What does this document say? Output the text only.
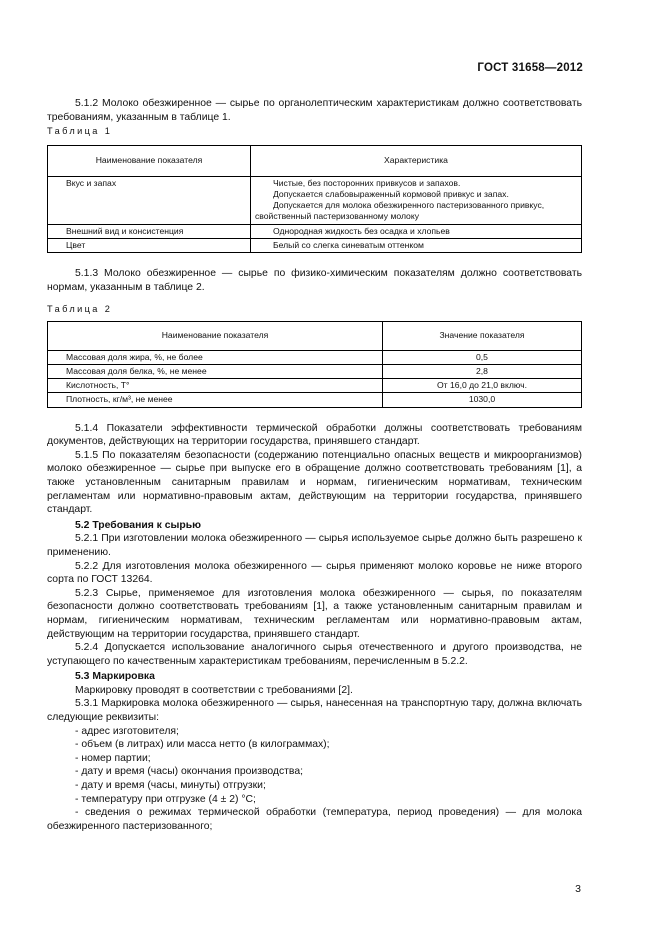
ГОСТ 31658—2012

5.1.2 Молоко обезжиренное — сырье по органолептическим характеристикам должно соответствовать требованиям, указанным в таблице 1.

Таблица 1

Наименование показателя	Характеристика
Вкус и запах	Чистые, без посторонних привкусов и запахов.
Допускается слабовыраженный кормовой привкус и запах.
Допускается для молока обезжиренного пастеризованного привкус, свойственный пастеризованному молоку

Внешний вид и консистенция	Однородная жидкость без осадка и хлопьев
Цвет	Белый со слегка синеватым оттенком

5.1.3 Молоко обезжиренное — сырье по физико-химическим показателям должно соответствовать нормам, указанным в таблице 2.

Таблица 2

Наименование показателя	Значение показателя
Массовая доля жира, %, не более	0,5
Массовая доля белка, %, не менее	2,8
Кислотность, Т°	От 16,0 до 21,0 включ.
Плотность, кг/м³, не менее	1030,0

5.1.4 Показатели эффективности термической обработки должны соответствовать требованиям документов, действующих на территории государства, принявшего стандарт.

5.1.5 По показателям безопасности (содержанию потенциально опасных веществ и микроорганизмов) молоко обезжиренное — сырье при выпуске его в обращение должно соответствовать требованиям [1], а также установленным санитарным правилам и нормам, гигиеническим нормативам, техническим регламентам или нормативно-правовым актам, действующим на территории государства, принявшего стандарт.

5.2 Требования к сырью

5.2.1 При изготовлении молока обезжиренного — сырья используемое сырье должно быть разрешено к применению.

5.2.2 Для изготовления молока обезжиренного — сырья применяют молоко коровье не ниже второго сорта по ГОСТ 13264.

5.2.3 Сырье, применяемое для изготовления молока обезжиренного — сырья, по показателям безопасности должно соответствовать требованиям [1], а также установленным санитарным правилам и нормам, гигиеническим нормативам, техническим регламентам или нормативно-правовым актам, действующим на территории государства, принявшего стандарт.

5.2.4 Допускается использование аналогичного сырья отечественного и другого производства, не уступающего по качественным характеристикам требованиям, перечисленным в 5.2.2.

5.3 Маркировка

Маркировку проводят в соответствии с требованиями [2].

5.3.1 Маркировка молока обезжиренного — сырья, нанесенная на транспортную тару, должна включать следующие реквизиты:

- адрес изготовителя;

- объем (в литрах) или масса нетто (в килограммах);

- номер партии;

- дату и время (часы) окончания производства;

- дату и время (часы, минуты) отгрузки;

- температуру при отгрузке (4 ± 2) °С;

- сведения о режимах термической обработки (температура, период проведения) — для молока обезжиренного пастеризованного;

3
